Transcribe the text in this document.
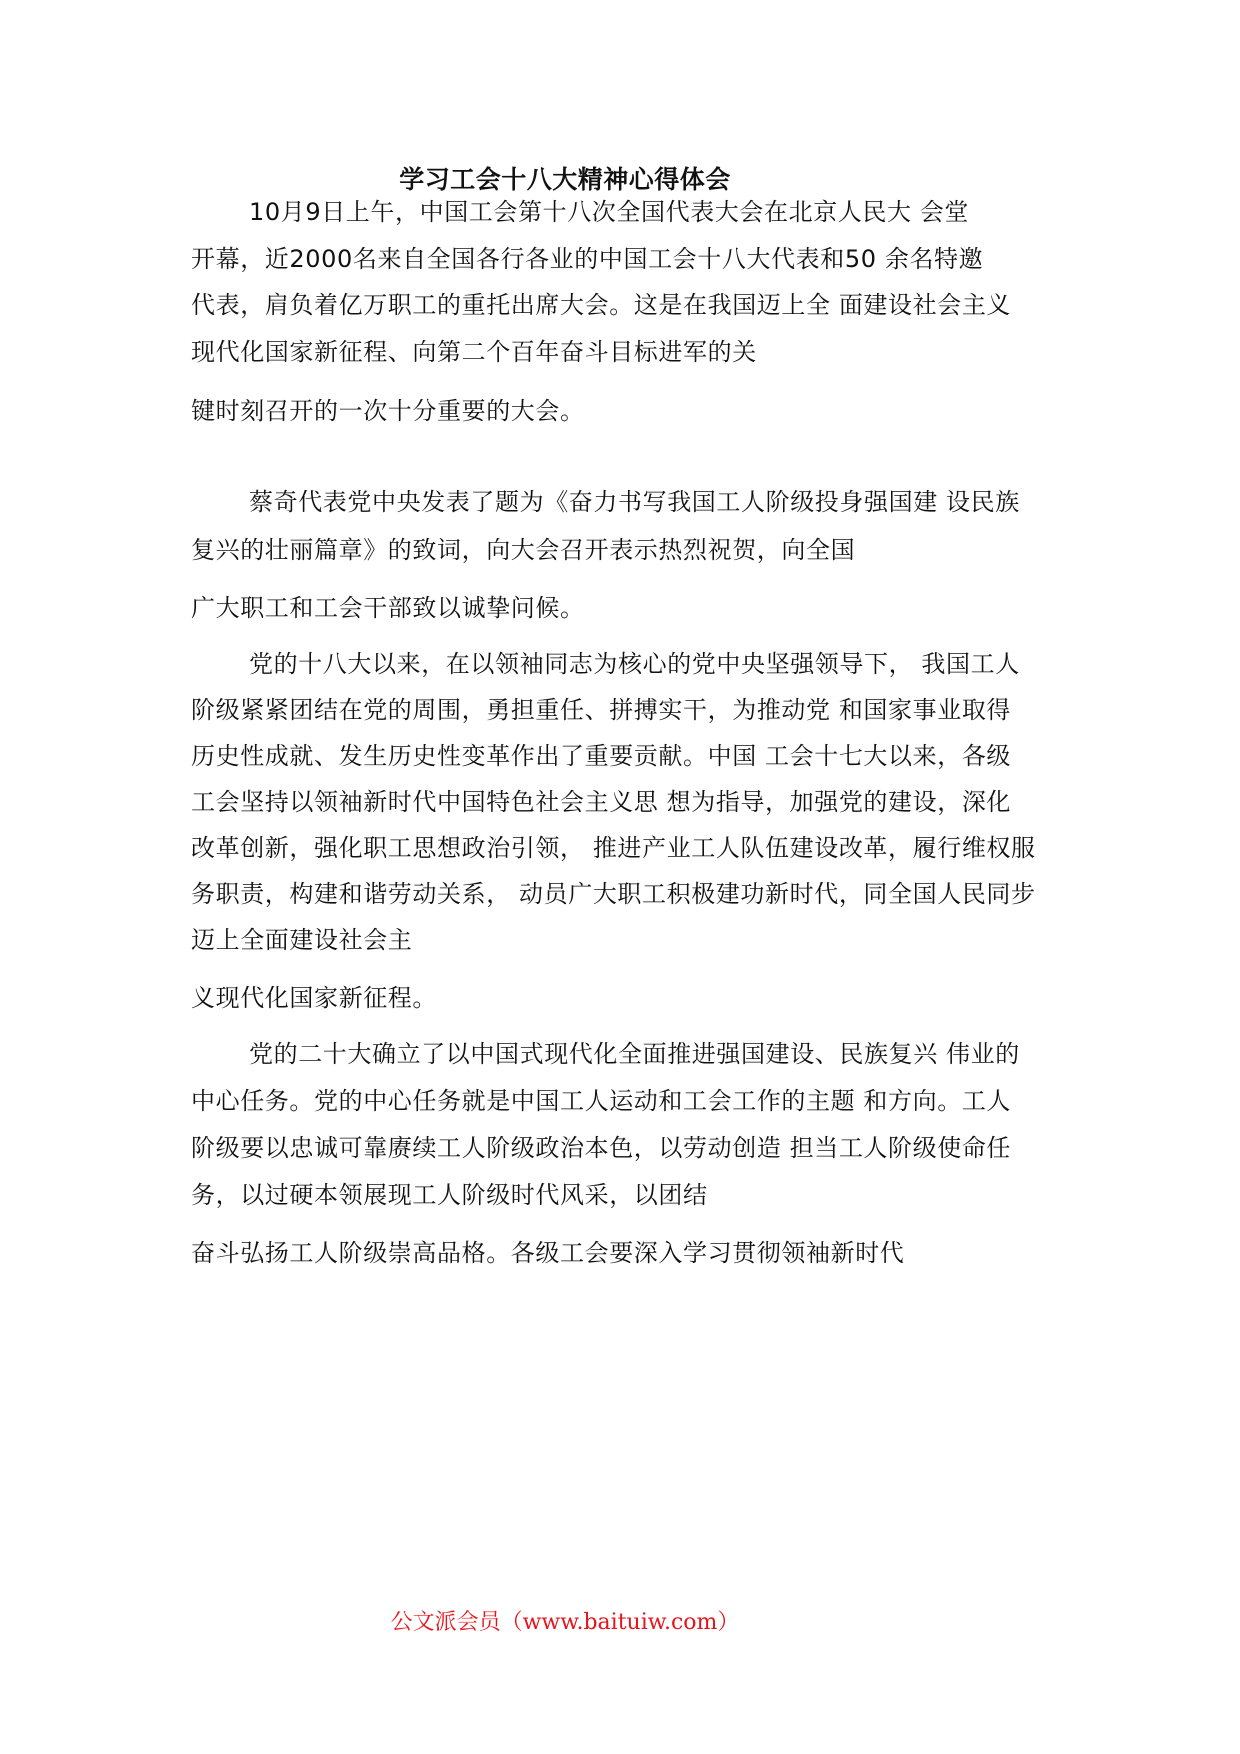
学习工会十八大精神心得体会
10月9日上午，中国工会第十八次全国代表大会在北京人民大 会堂
开幕，近2000名来自全国各行各业的中国工会十八大代表和50 余名特邀
代表，肩负着亿万职工的重托出席大会。这是在我国迈上全 面建设社会主义
现代化国家新征程、向第二个百年奋斗目标进军的关
键时刻召开的一次十分重要的大会。
蔡奇代表党中央发表了题为《奋力书写我国工人阶级投身强国建 设民族
复兴的壮丽篇章》的致词，向大会召开表示热烈祝贺，向全国
广大职工和工会干部致以诚挚问候。
党的十八大以来，在以领袖同志为核心的党中央坚强领导下， 我国工人
阶级紧紧团结在党的周围，勇担重任、拼搏实干，为推动党 和国家事业取得
历史性成就、发生历史性变革作出了重要贡献。中国 工会十七大以来，各级
工会坚持以领袖新时代中国特色社会主义思 想为指导，加强党的建设，深化
改革创新，强化职工思想政治引领， 推进产业工人队伍建设改革，履行维权服
务职责，构建和谐劳动关系， 动员广大职工积极建功新时代，同全国人民同步
迈上全面建设社会主
义现代化国家新征程。
党的二十大确立了以中国式现代化全面推进强国建设、民族复兴 伟业的
中心任务。党的中心任务就是中国工人运动和工会工作的主题 和方向。工人
阶级要以忠诚可靠赓续工人阶级政治本色，以劳动创造 担当工人阶级使命任
务，以过硬本领展现工人阶级时代风采，以团结
奋斗弘扬工人阶级崇高品格。各级工会要深入学习贯彻领袖新时代
公文派会员（www.baituiw.com）
